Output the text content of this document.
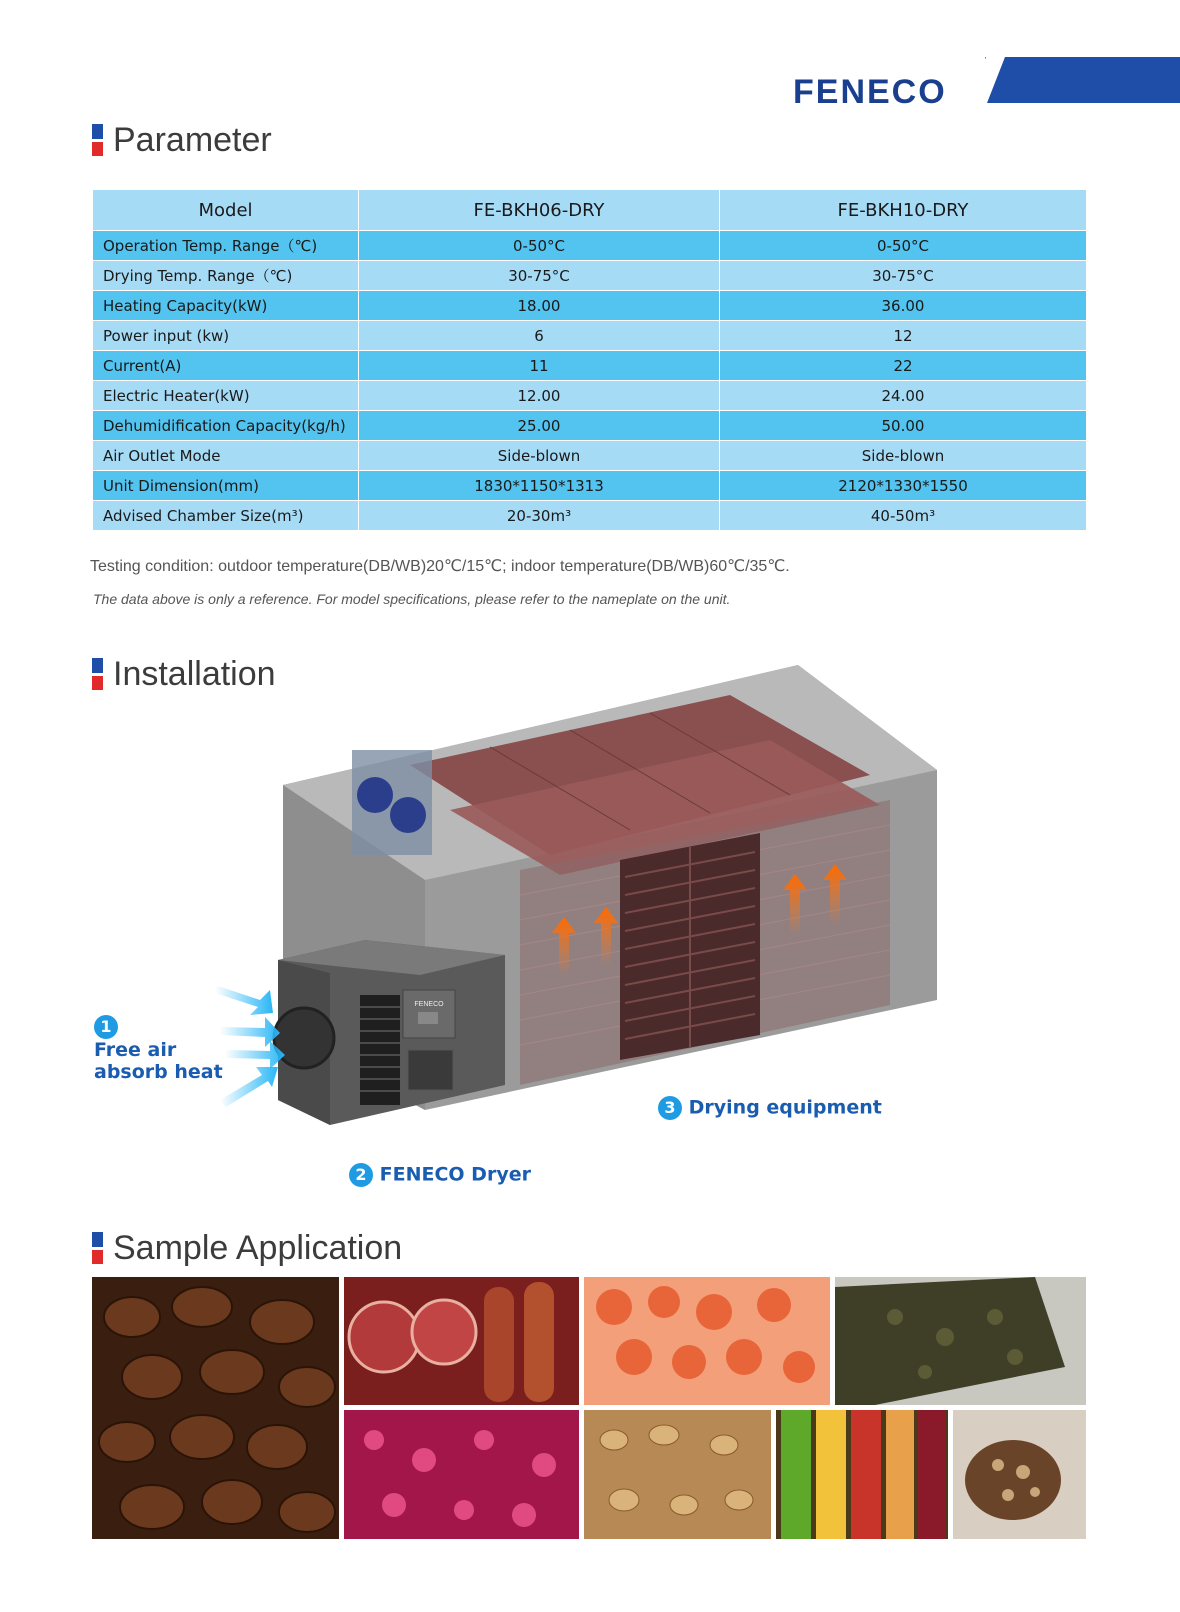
FENECO
Parameter
Model	FE-BKH06-DRY	FE-BKH10-DRY
Operation Temp. Range（℃)	0-50°C	0-50°C
Drying Temp. Range（℃)	30-75°C	30-75°C
Heating Capacity(kW)	18.00	36.00
Power input (kw)	6	12
Current(A)	11	22
Electric Heater(kW)	12.00	24.00
Dehumidification Capacity(kg/h)	25.00	50.00
Air Outlet Mode	Side-blown	Side-blown
Unit Dimension(mm)	1830*1150*1313	2120*1330*1550
Advised Chamber Size(m³)	20-30m³	40-50m³
Testing condition: outdoor temperature(DB/WB)20℃/15℃; indoor temperature(DB/WB)60℃/35℃.
The data above is only a reference. For model specifications, please refer to the nameplate on the unit.
Installation
FENECO
1
Free air
absorb heat
2 FENECO Dryer
3 Drying equipment
Sample Application
